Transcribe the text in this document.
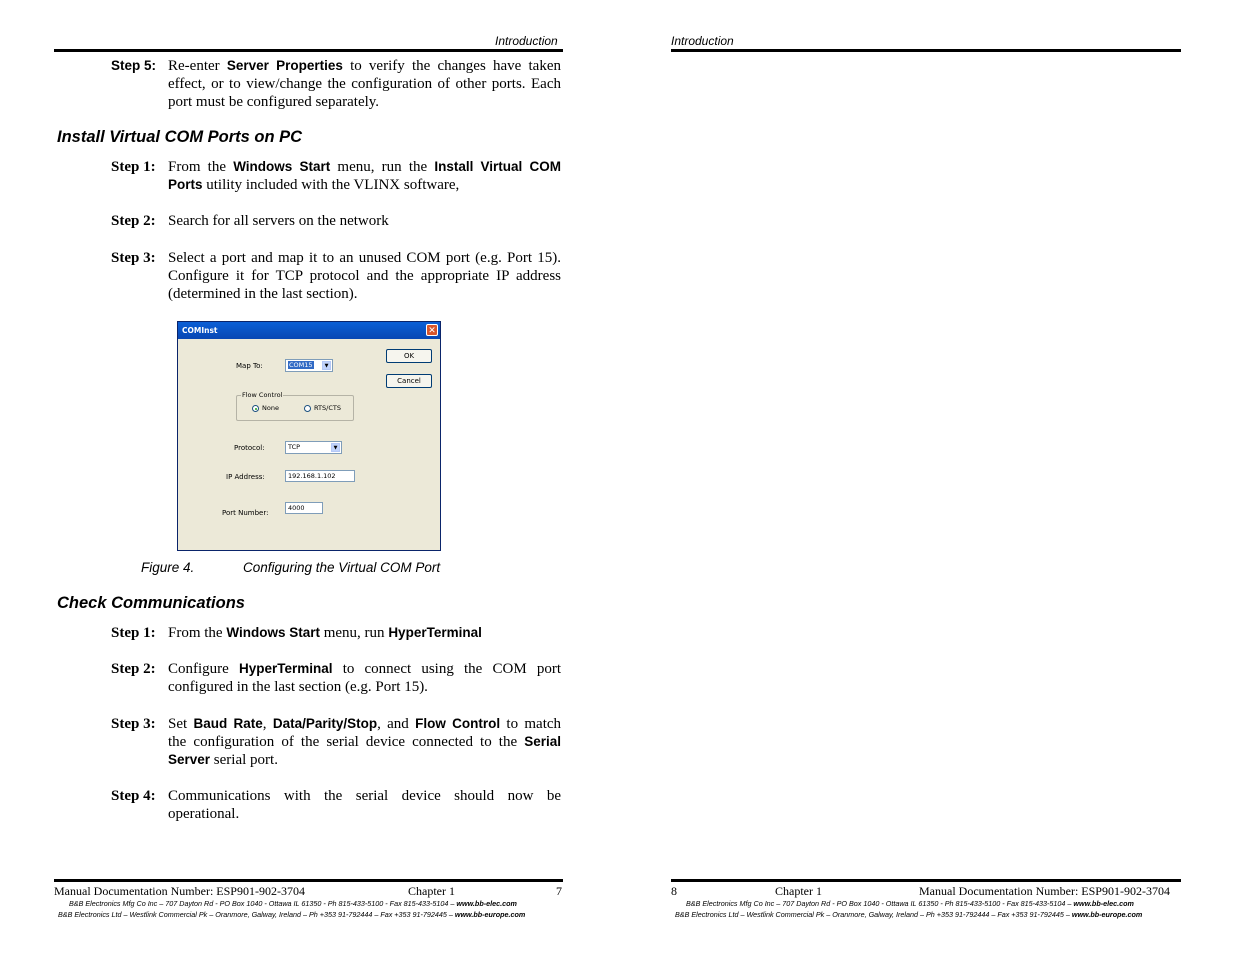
Introduction
Step 5: Re-enter Server Properties to verify the changes have taken effect, or to view/change the configuration of other ports. Each port must be configured separately.
Install Virtual COM Ports on PC
Step 1: From the Windows Start menu, run the Install Virtual COM Ports utility included with the VLINX software,
Step 2: Search for all servers on the network
Step 3: Select a port and map it to an unused COM port (e.g. Port 15). Configure it for TCP protocol and the appropriate IP address (determined in the last section).
COMInst	✕
OK
Cancel
Map To:	COM15	▼
Flow Control
None	RTS/CTS
Protocol:	TCP	▼
IP Address:	192.168.1.102
Port Number:
4000
Figure 4.	Configuring the Virtual COM Port
Check Communications
Step 1: From the Windows Start menu, run HyperTerminal
Step 2: Configure HyperTerminal to connect using the COM port configured in the last section (e.g. Port 15).
Step 3: Set Baud Rate, Data/Parity/Stop, and Flow Control to match the configuration of the serial device connected to the Serial Server serial port.
Step 4: Communications with the serial device should now be operational.
Manual Documentation Number: ESP901-902-3704	Chapter 1	7
B&B Electronics Mfg Co Inc – 707 Dayton Rd - PO Box 1040 - Ottawa IL 61350 - Ph 815-433-5100 - Fax 815-433-5104 – www.bb-elec.com
B&B Electronics Ltd – Westlink Commercial Pk – Oranmore, Galway, Ireland – Ph +353 91-792444 – Fax +353 91-792445 – www.bb-europe.com
Introduction
8	Chapter 1	Manual Documentation Number: ESP901-902-3704
B&B Electronics Mfg Co Inc – 707 Dayton Rd - PO Box 1040 - Ottawa IL 61350 - Ph 815-433-5100 - Fax 815-433-5104 – www.bb-elec.com
B&B Electronics Ltd – Westlink Commercial Pk – Oranmore, Galway, Ireland – Ph +353 91-792444 – Fax +353 91-792445 – www.bb-europe.com
